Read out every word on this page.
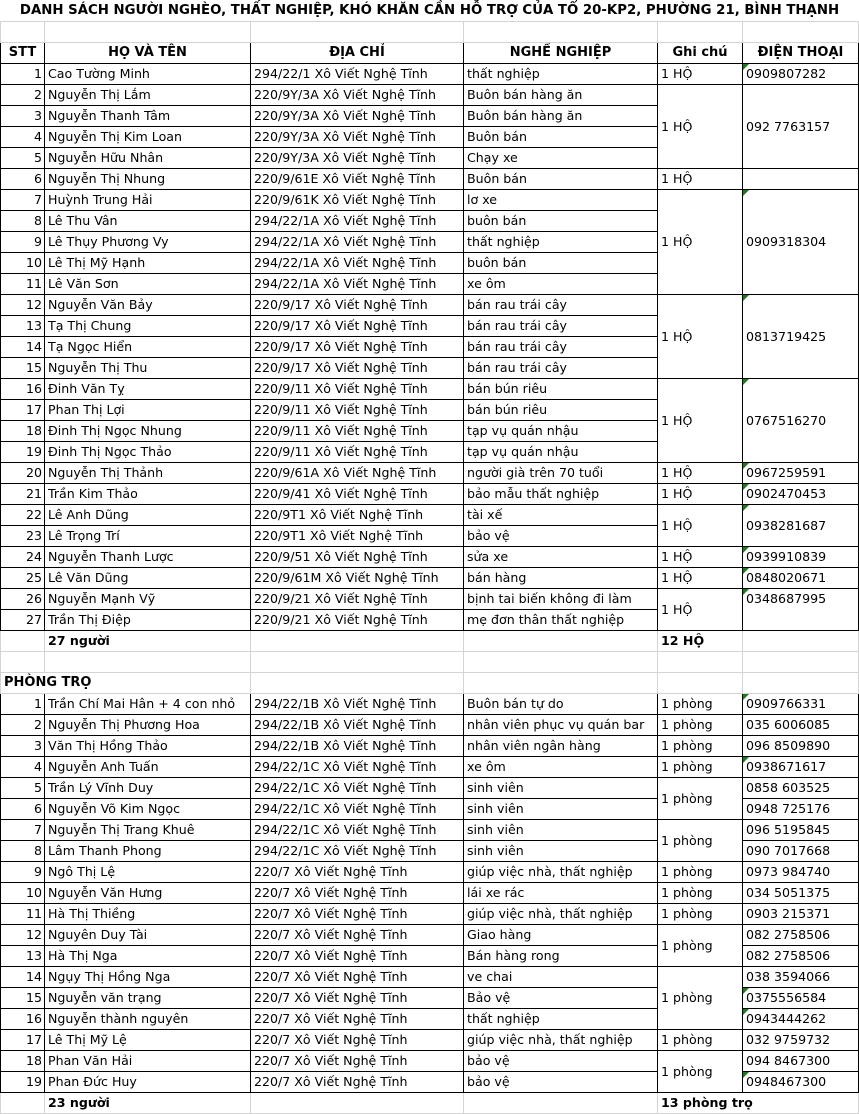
DANH SÁCH NGƯỜI NGHÈO, THẤT NGHIỆP, KHÓ KHĂN CẦN HỖ TRỢ CỦA TỔ 20-KP2, PHƯỜNG 21, BÌNH THẠNH					

STT	HỌ VÀ TÊN	ĐỊA CHỈ	NGHỀ NGHIỆP	Ghi chú	ĐIỆN THOẠI
1	Cao Tường Minh	294/22/1 Xô Viết Nghệ Tĩnh	thất nghiệp	1 HỘ	0909807282
2	Nguyễn Thị Lắm	220/9Y/3A Xô Viết Nghệ Tĩnh	Buôn bán hàng ăn	1 HỘ	092 7763157
3	Nguyễn Thanh Tâm	220/9Y/3A Xô Viết Nghệ Tĩnh	Buôn bán hàng ăn		
4	Nguyễn Thị Kim Loan	220/9Y/3A Xô Viết Nghệ Tĩnh	Buôn bán		
5	Nguyễn Hữu Nhân	220/9Y/3A Xô Viết Nghệ Tĩnh	Chạy xe		
6	Nguyễn Thị Nhung	220/9/61E Xô Viết Nghệ Tĩnh	Buôn bán	1 HỘ	
7	Huỳnh Trung Hải	220/9/61K Xô Viết Nghệ Tĩnh	lơ xe	1 HỘ	0909318304
8	Lê Thu Vân	294/22/1A Xô Viết Nghệ Tĩnh	buôn bán		
9	Lê Thụy Phương Vy	294/22/1A Xô Viết Nghệ Tĩnh	thất nghiệp		
10	Lê Thị Mỹ Hạnh	294/22/1A Xô Viết Nghệ Tĩnh	buôn bán		
11	Lê Văn Sơn	294/22/1A Xô Viết Nghệ Tĩnh	xe ôm		
12	Nguyễn Văn Bảy	220/9/17 Xô Viết Nghệ Tĩnh	bán rau trái cây	1 HỘ	0813719425
13	Tạ Thị Chung	220/9/17 Xô Viết Nghệ Tĩnh	bán rau trái cây		
14	Tạ Ngọc Hiển	220/9/17 Xô Viết Nghệ Tĩnh	bán rau trái cây		
15	Nguyễn Thị Thu	220/9/17 Xô Viết Nghệ Tĩnh	bán rau trái cây		
16	Đinh Văn Tỵ	220/9/11 Xô Viết Nghệ Tĩnh	bán bún riêu	1 HỘ	0767516270
17	Phan Thị Lợi	220/9/11 Xô Viết Nghệ Tĩnh	bán bún riêu		
18	Đinh Thị Ngọc Nhung	220/9/11 Xô Viết Nghệ Tĩnh	tạp vụ quán nhậu		
19	Đinh Thị Ngọc Thảo	220/9/11 Xô Viết Nghệ Tĩnh	tạp vụ quán nhậu		
20	Nguyễn Thị Thảnh	220/9/61A Xô Viết Nghệ Tĩnh	người già trên 70 tuổi	1 HỘ	0967259591
21	Trần Kim Thảo	220/9/41 Xô Viết Nghệ Tĩnh	bảo mẫu thất nghiệp	1 HỘ	0902470453
22	Lê Anh Dũng	220/9T1 Xô Viết Nghệ Tĩnh	tài xế	1 HỘ	0938281687
23	Lê Trọng Trí	220/9T1 Xô Viết Nghệ Tĩnh	bảo vệ		
24	Nguyễn Thanh Lược	220/9/51 Xô Viết Nghệ Tĩnh	sửa xe	1 HỘ	0939910839
25	Lê Văn Dũng	220/9/61M Xô Viết Nghệ Tĩnh	bán hàng	1 HỘ	0848020671
26	Nguyễn Mạnh Vỹ	220/9/21 Xô Viết Nghệ Tĩnh	bịnh tai biến không đi làm	1 HỘ	0348687995
27	Trần Thị Điệp	220/9/21 Xô Viết Nghệ Tĩnh	mẹ đơn thân thất nghiệp		
	27 người			12 HỘ	

PHÒNG TRỌ					
1	Trần Chí Mai Hân + 4 con nhỏ	294/22/1B Xô Viết Nghệ Tĩnh	Buôn bán tự do	1 phòng	0909766331
2	Nguyễn Thị Phương Hoa	294/22/1B Xô Viết Nghệ Tĩnh	nhân viên phục vụ quán bar	1 phòng	035 6006085
3	Văn Thị Hồng Thảo	294/22/1B Xô Viết Nghệ Tĩnh	nhân viên ngân hàng	1 phòng	096 8509890
4	Nguyễn Anh Tuấn	294/22/1C Xô Viết Nghệ Tĩnh	xe ôm	1 phòng	0938671617
5	Trần Lý Vĩnh Duy	294/22/1C Xô Viết Nghệ Tĩnh	sinh viên	1 phòng	0858 603525
6	Nguyễn Võ Kim Ngọc	294/22/1C Xô Viết Nghệ Tĩnh	sinh viên		0948 725176
7	Nguyễn Thị Trang Khuê	294/22/1C Xô Viết Nghệ Tĩnh	sinh viên	1 phòng	096 5195845
8	Lâm Thanh Phong	294/22/1C Xô Viết Nghệ Tĩnh	sinh viên		090 7017668
9	Ngô Thị Lệ	220/7 Xô Viết Nghệ Tĩnh	giúp việc nhà, thất nghiệp	1 phòng	0973 984740
10	Nguyễn Văn Hưng	220/7 Xô Viết Nghệ Tĩnh	lái xe rác	1 phòng	034 5051375
11	Hà Thị Thiềng	220/7 Xô Viết Nghệ Tĩnh	giúp việc nhà, thất nghiệp	1 phòng	0903 215371
12	Nguyên Duy Tài	220/7 Xô Viết Nghệ Tĩnh	Giao hàng	1 phòng	082 2758506
13	Hà Thị Nga	220/7 Xô Viết Nghệ Tĩnh	Bán hàng rong		082 2758506
14	Ngụy Thị Hồng Nga	220/7 Xô Viết Nghệ Tĩnh	ve chai	1 phòng	038 3594066
15	Nguyễn văn trạng	220/7 Xô Viết Nghệ Tĩnh	Bảo vệ		0375556584
16	Nguyễn thành nguyên	220/7 Xô Viết Nghệ Tĩnh	thất nghiệp		0943444262
17	Lê Thị Mỹ Lệ	220/7 Xô Viết Nghệ Tĩnh	giúp việc nhà, thất nghiệp	1 phòng	032 9759732
18	Phan Văn Hải	220/7 Xô Viết Nghệ Tĩnh	bảo vệ	1 phòng	094 8467300
19	Phan Đức Huy	220/7 Xô Viết Nghệ Tĩnh	bảo vệ		0948467300
	23 người			13 phòng trọ	
